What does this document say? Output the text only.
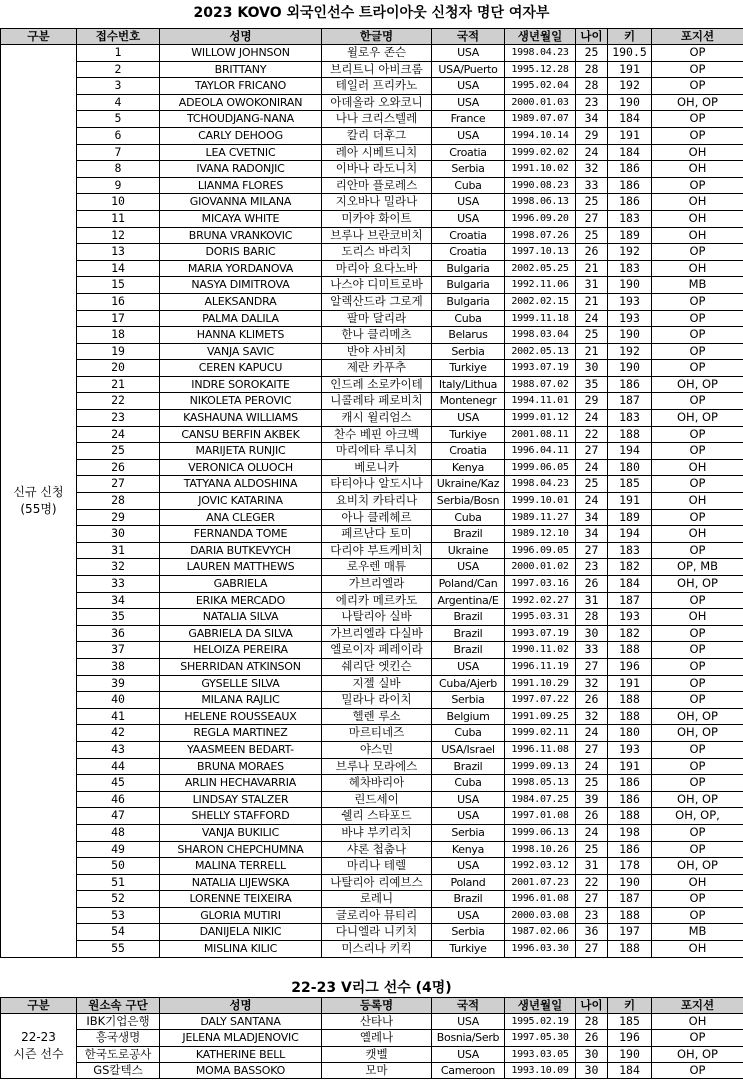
2023 KOVO 외국인선수 트라이아웃 신청자 명단 여자부
구분	접수번호	성명	한글명	국적	생년월일	나이	키	포지션

신규 신청
(55명)	1	WILLOW JOHNSON	윌로우 존슨	USA	1998.04.23	25	190.5	OP
	2	BRITTANY	브리트니 아비크롬	USA/Puerto	1995.12.28	28	191	OP
	3	TAYLOR FRICANO	테일러 프리카노	USA	1995.02.04	28	192	OP
	4	ADEOLA OWOKONIRAN	아데올라 오와코니	USA	2000.01.03	23	190	OH, OP
	5	TCHOUDJANG-NANA	나나 크리스텔레	France	1989.07.07	34	184	OP
	6	CARLY DEHOOG	칼리 더후그	USA	1994.10.14	29	191	OP
	7	LEA CVETNIC	레아 시베트니치	Croatia	1999.02.02	24	184	OH
	8	IVANA RADONJIC	이바나 라도니치	Serbia	1991.10.02	32	186	OH
	9	LIANMA FLORES	리안마 플로레스	Cuba	1990.08.23	33	186	OP
	10	GIOVANNA MILANA	지오바나 밀라나	USA	1998.06.13	25	186	OH
	11	MICAYA WHITE	미카야 화이트	USA	1996.09.20	27	183	OH
	12	BRUNA VRANKOVIC	브루나 브란코비치	Croatia	1998.07.26	25	189	OH
	13	DORIS BARIC	도리스 바리치	Croatia	1997.10.13	26	192	OP
	14	MARIA YORDANOVA	마리아 요다노바	Bulgaria	2002.05.25	21	183	OH
	15	NASYA DIMITROVA	나스야 디미트로바	Bulgaria	1992.11.06	31	190	MB
	16	ALEKSANDRA	알렉산드라 그로게	Bulgaria	2002.02.15	21	193	OP
	17	PALMA DALILA	팔마 달리라	Cuba	1999.11.18	24	193	OP
	18	HANNA KLIMETS	한나 클리메츠	Belarus	1998.03.04	25	190	OP
	19	VANJA SAVIC	반야 사비치	Serbia	2002.05.13	21	192	OP
	20	CEREN KAPUCU	제란 카푸추	Turkiye	1993.07.19	30	190	OP
	21	INDRE SOROKAITE	인드레 소로카이테	Italy/Lithua	1988.07.02	35	186	OH, OP
	22	NIKOLETA PEROVIC	니콜레타 페로비치	Montenegr	1994.11.01	29	187	OP
	23	KASHAUNA WILLIAMS	캐시 윌리엄스	USA	1999.01.12	24	183	OH, OP
	24	CANSU BERFIN AKBEK	찬수 베핀 아크벡	Turkiye	2001.08.11	22	188	OP
	25	MARIJETA RUNJIC	마리에타 루니치	Croatia	1996.04.11	27	194	OP
	26	VERONICA OLUOCH	베로니카	Kenya	1999.06.05	24	180	OH
	27	TATYANA ALDOSHINA	타티아나 알도시나	Ukraine/Kaz	1998.04.23	25	185	OP
	28	JOVIC KATARINA	요비치 카타리나	Serbia/Bosn	1999.10.01	24	191	OH
	29	ANA CLEGER	아나 클레헤르	Cuba	1989.11.27	34	189	OP
	30	FERNANDA TOME	페르난다 토미	Brazil	1989.12.10	34	194	OH
	31	DARIA BUTKEVYCH	다리야 부트케비치	Ukraine	1996.09.05	27	183	OP
	32	LAUREN MATTHEWS	로우렌 매튜	USA	2000.01.02	23	182	OP, MB
	33	GABRIELA	가브리엘라	Poland/Can	1997.03.16	26	184	OH, OP
	34	ERIKA MERCADO	에리카 메르카도	Argentina/E	1992.02.27	31	187	OP
	35	NATALIA SILVA	나탈리아 실바	Brazil	1995.03.31	28	193	OH
	36	GABRIELA DA SILVA	가브리엘라 다실바	Brazil	1993.07.19	30	182	OP
	37	HELOIZA PEREIRA	엘로이자 페레이라	Brazil	1990.11.02	33	188	OP
	38	SHERRIDAN ATKINSON	쉐리단 엣킨슨	USA	1996.11.19	27	196	OP
	39	GYSELLE SILVA	지젤 실바	Cuba/Ajerb	1991.10.29	32	191	OP
	40	MILANA RAJLIC	밀라나 라이치	Serbia	1997.07.22	26	188	OP
	41	HELENE ROUSSEAUX	헬렌 루소	Belgium	1991.09.25	32	188	OH, OP
	42	REGLA MARTINEZ	마르티네즈	Cuba	1999.02.11	24	180	OH, OP
	43	YAASMEEN BEDART-	야스민	USA/Israel	1996.11.08	27	193	OP
	44	BRUNA MORAES	브루나 모라에스	Brazil	1999.09.13	24	191	OP
	45	ARLIN HECHAVARRIA	헤차바리아	Cuba	1998.05.13	25	186	OP
	46	LINDSAY STALZER	린드세이	USA	1984.07.25	39	186	OH, OP
	47	SHELLY STAFFORD	쉘리 스타포드	USA	1997.01.08	26	188	OH, OP,
	48	VANJA BUKILIC	바냐 부키리치	Serbia	1999.06.13	24	198	OP
	49	SHARON CHEPCHUMNA	샤론 첩춤나	Kenya	1998.10.26	25	186	OP
	50	MALINA TERRELL	마리나 테렐	USA	1992.03.12	31	178	OH, OP
	51	NATALIA LIJEWSKA	나탈리아 리예브스	Poland	2001.07.23	22	190	OH
	52	LORENNE TEIXEIRA	로레니	Brazil	1996.01.08	27	187	OP
	53	GLORIA MUTIRI	글로리아 뮤티리	USA	2000.03.08	23	188	OP
	54	DANIJELA NIKIC	다니엘라 니키치	Serbia	1987.02.06	36	197	MB
	55	MISLINA KILIC	미스리나 키킥	Turkiye	1996.03.30	27	188	OH
22-23 V리그 선수 (4명)
구분	원소속 구단	성명	등록명	국적	생년월일	나이	키	포지션

22-23
시즌 선수	IBK기업은행	DALY SANTANA	산타나	USA	1995.02.19	28	185	OH
	흥국생명	JELENA MLADJENOVIC	옐레나	Bosnia/Serb	1997.05.30	26	196	OP
	한국도로공사	KATHERINE BELL	캣벨	USA	1993.03.05	30	190	OH, OP
	GS칼텍스	MOMA BASSOKO	모마	Cameroon	1993.10.09	30	184	OP
